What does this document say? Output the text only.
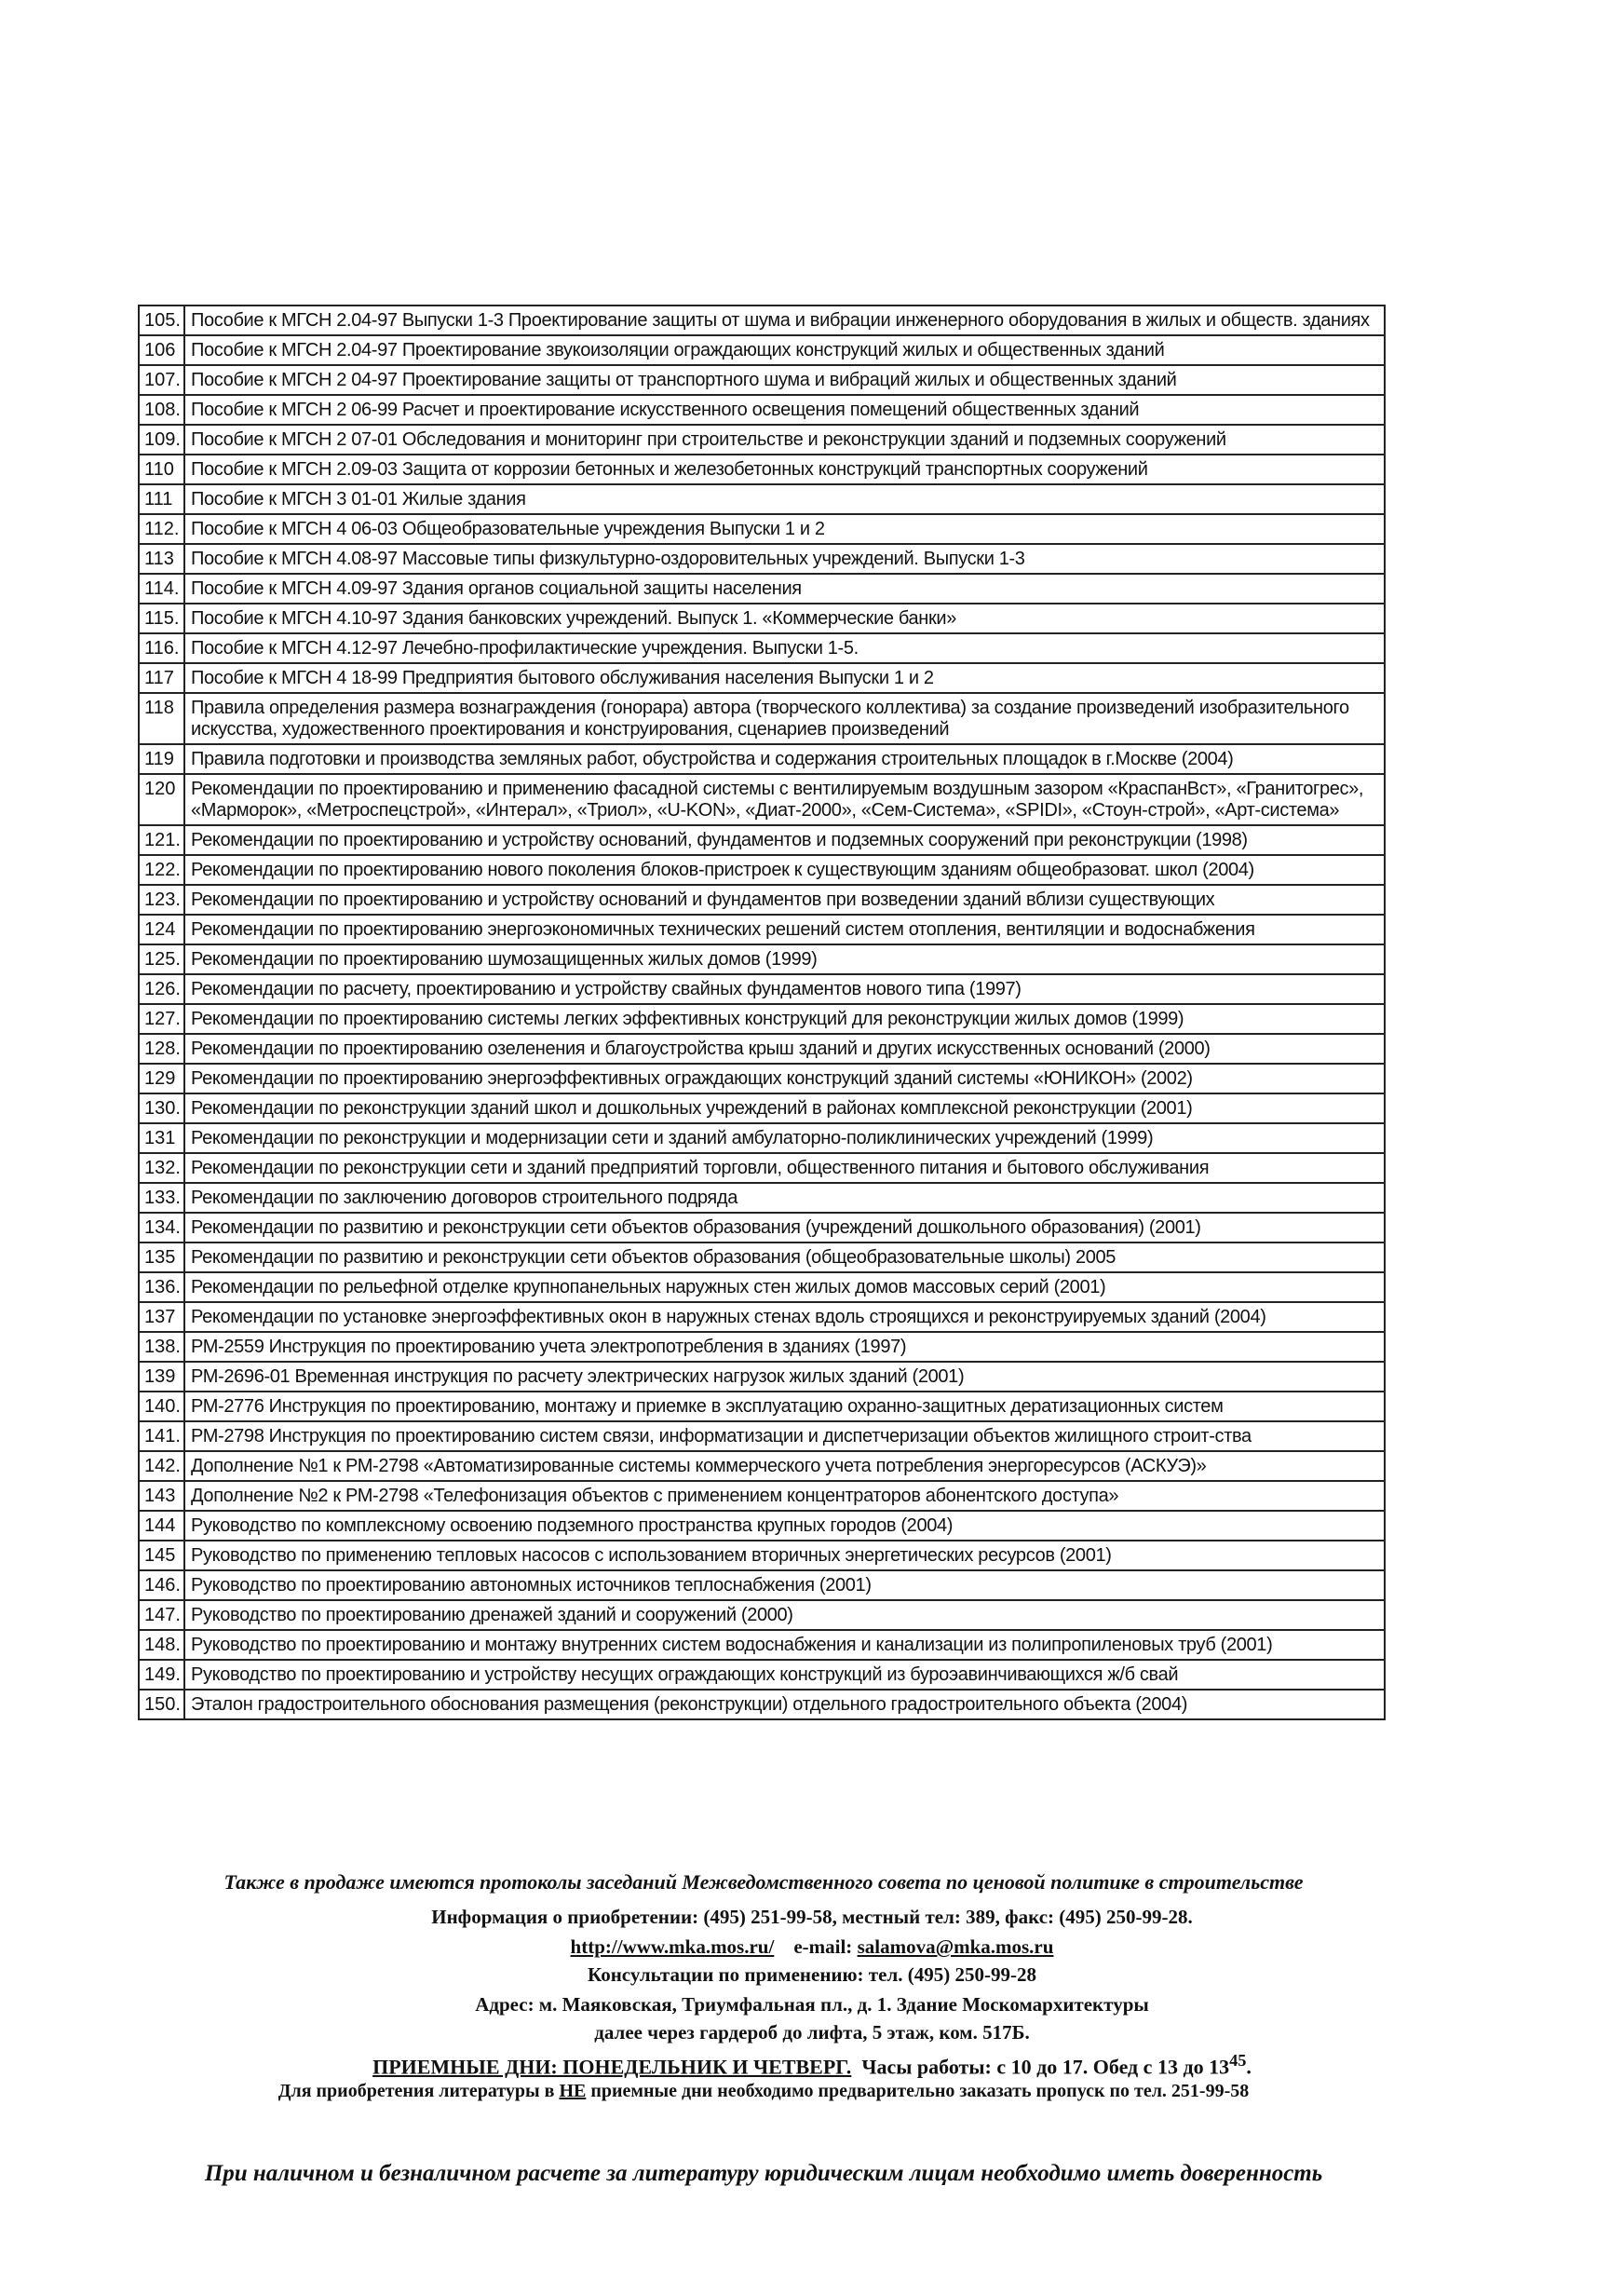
105.	Пособие к МГСН 2.04-97 Выпуски 1-3 Проектирование защиты от шума и вибрации инженерного оборудования в жилых и обществ. зданиях
106	Пособие к МГСН 2.04-97 Проектирование звукоизоляции ограждающих конструкций жилых и общественных зданий
107.	Пособие к МГСН 2 04-97 Проектирование защиты от транспортного шума и вибраций жилых и общественных зданий
108.	Пособие к МГСН 2 06-99 Расчет и проектирование искусственного освещения помещений общественных зданий
109.	Пособие к МГСН 2 07-01 Обследования и мониторинг при строительстве и реконструкции зданий и подземных сооружений
110	Пособие к МГСН 2.09-03 Защита от коррозии бетонных и железобетонных конструкций транспортных сооружений
111	Пособие к МГСН 3 01-01 Жилые здания
112.	Пособие к МГСН 4 06-03 Общеобразовательные учреждения Выпуски 1 и 2
113	Пособие к МГСН 4.08-97 Массовые типы физкультурно-оздоровительных учреждений. Выпуски 1-3
114.	Пособие к МГСН 4.09-97 Здания органов социальной защиты населения
115.	Пособие к МГСН 4.10-97 Здания банковских учреждений. Выпуск 1. «Коммерческие банки»
116.	Пособие к МГСН 4.12-97 Лечебно-профилактические учреждения. Выпуски 1-5.
117	Пособие к МГСН 4 18-99 Предприятия бытового обслуживания населения Выпуски 1 и 2
118	Правила определения размера вознаграждения (гонорара) автора (творческого коллектива) за создание произведений изобразительного искусства, художественного проектирования и конструирования, сценариев произведений
119	Правила подготовки и производства земляных работ, обустройства и содержания строительных площадок в г.Москве (2004)
120	Рекомендации по проектированию и применению фасадной системы с вентилируемым воздушным зазором «КраспанВст», «Гранитогрес», «Марморок», «Метроспецстрой», «Интерал», «Триол», «U-KON», «Диат-2000», «Сем-Система», «SPIDI», «Стоун-строй», «Арт-система»
121.	Рекомендации по проектированию и устройству оснований, фундаментов и подземных сооружений при реконструкции (1998)
122.	Рекомендации по проектированию нового поколения блоков-пристроек к существующим зданиям общеобразоват. школ (2004)
123.	Рекомендации по проектированию и устройству оснований и фундаментов при возведении зданий вблизи существующих
124	Рекомендации по проектированию энергоэкономичных технических решений систем отопления, вентиляции и водоснабжения
125.	Рекомендации по проектированию шумозащищенных жилых домов (1999)
126.	Рекомендации по расчету, проектированию и устройству свайных фундаментов нового типа (1997)
127.	Рекомендации по проектированию системы легких эффективных конструкций для реконструкции жилых домов (1999)
128.	Рекомендации по проектированию озеленения и благоустройства крыш зданий и других искусственных оснований (2000)
129	Рекомендации по проектированию энергоэффективных ограждающих конструкций зданий системы «ЮНИКОН» (2002)
130.	Рекомендации по реконструкции зданий школ и дошкольных учреждений в районах комплексной реконструкции (2001)
131	Рекомендации по реконструкции и модернизации сети и зданий амбулаторно-поликлинических учреждений (1999)
132.	Рекомендации по реконструкции сети и зданий предприятий торговли, общественного питания и бытового обслуживания
133.	Рекомендации по заключению договоров строительного подряда
134.	Рекомендации по развитию и реконструкции сети объектов образования (учреждений дошкольного образования) (2001)
135	Рекомендации по развитию и реконструкции сети объектов образования (общеобразовательные школы) 2005
136.	Рекомендации по рельефной отделке крупнопанельных наружных стен жилых домов массовых серий (2001)
137	Рекомендации по установке энергоэффективных окон в наружных стенах вдоль строящихся и реконструируемых зданий (2004)
138.	РМ-2559 Инструкция по проектированию учета электропотребления в зданиях (1997)
139	РМ-2696-01 Временная инструкция по расчету электрических нагрузок жилых зданий (2001)
140.	РМ-2776 Инструкция по проектированию, монтажу и приемке в эксплуатацию охранно-защитных дератизационных систем
141.	РМ-2798 Инструкция по проектированию систем связи, информатизации и диспетчеризации объектов жилищного строит-ства
142.	Дополнение №1 к РМ-2798 «Автоматизированные системы коммерческого учета потребления энергоресурсов (АСКУЭ)»
143	Дополнение №2 к РМ-2798 «Телефонизация объектов с применением концентраторов абонентского доступа»
144	Руководство по комплексному освоению подземного пространства крупных городов (2004)
145	Руководство по применению тепловых насосов с использованием вторичных энергетических ресурсов (2001)
146.	Руководство по проектированию автономных источников теплоснабжения (2001)
147.	Руководство по проектированию дренажей зданий и сооружений (2000)
148.	Руководство по проектированию и монтажу внутренних систем водоснабжения и канализации из полипропиленовых труб (2001)
149.	Руководство по проектированию и устройству несущих ограждающих конструкций из буроэавинчивающихся ж/б свай
150.	Эталон градостроительного обоснования размещения (реконструкции) отдельного градостроительного объекта (2004)
Также в продаже имеются протоколы заседаний Межведомственного совета по ценовой политике в строительстве
Информация о приобретении: (495) 251-99-58, местный тел: 389, факс: (495) 250-99-28.
http://www.mka.mos.ru/ e-mail: salamova@mka.mos.ru
Консультации по применению: тел. (495) 250-99-28
Адрес: м. Маяковская, Триумфальная пл., д. 1. Здание Москомархитектуры
далее через гардероб до лифта, 5 этаж, ком. 517Б.
ПРИЕМНЫЕ ДНИ: ПОНЕДЕЛЬНИК И ЧЕТВЕРГ. Часы работы: с 10 до 17. Обед с 13 до $13^{45}$.
Для приобретения литературы в НЕ приемные дни необходимо предварительно заказать пропуск по тел. 251-99-58
При наличном и безналичном расчете за литературу юридическим лицам необходимо иметь доверенность
